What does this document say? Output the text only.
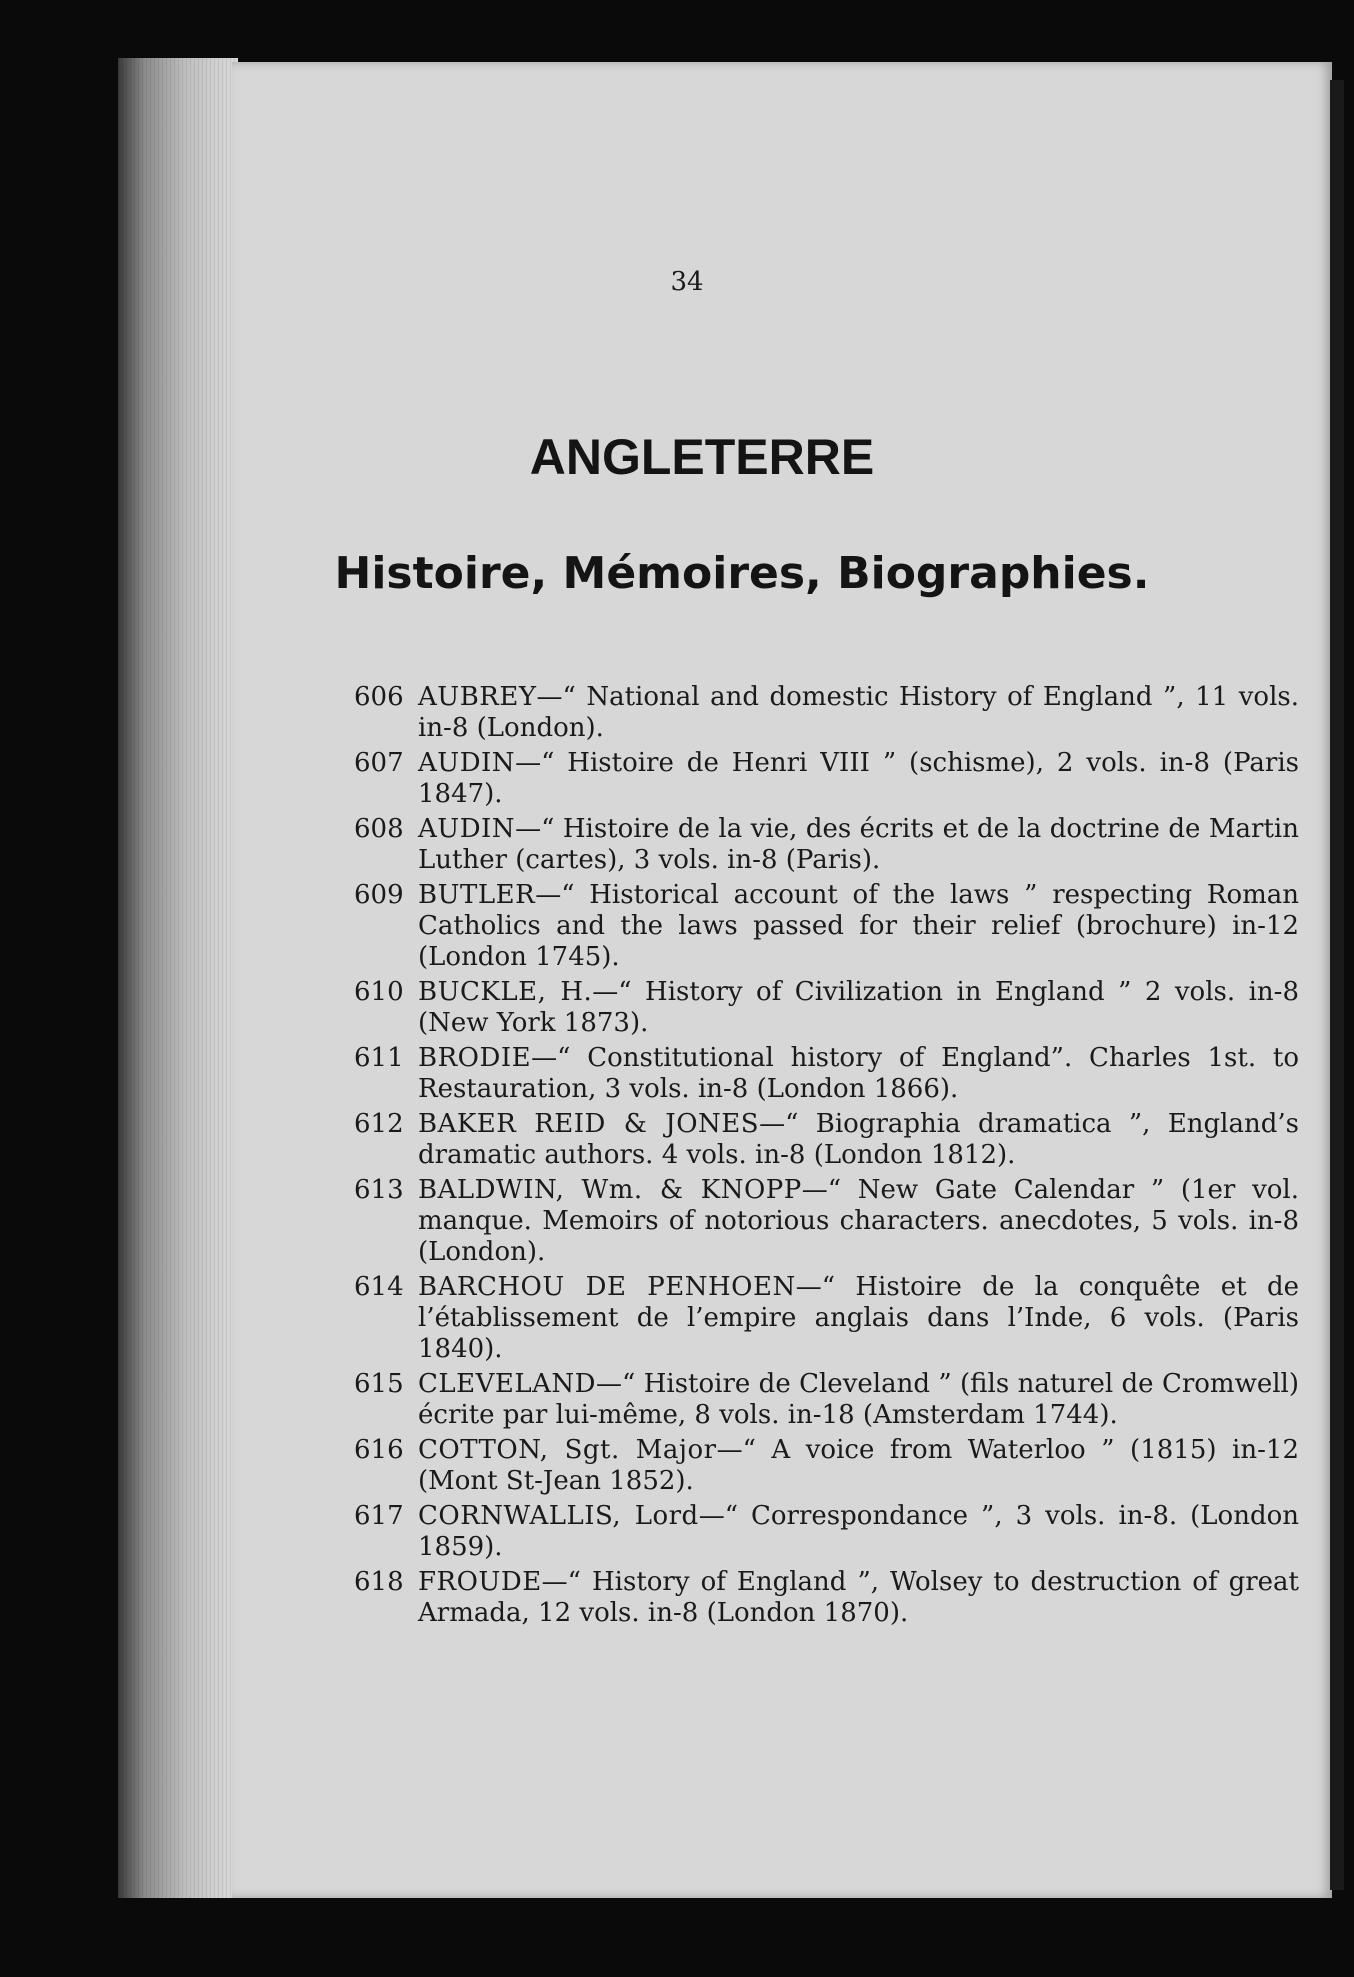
34
ANGLETERRE
Histoire, Mémoires, Biographies.
606 AUBREY—“ National and domestic History of England ”, 11 vols. in-8 (London).
607 AUDIN—“ Histoire de Henri VIII ” (schisme), 2 vols. in-8 (Paris 1847).
608 AUDIN—“ Histoire de la vie, des écrits et de la doctrine de Martin Luther (cartes), 3 vols. in-8 (Paris).
609 BUTLER—“ Historical account of the laws ” respecting Roman Catholics and the laws passed for their relief (brochure) in-12 (London 1745).
610 BUCKLE, H.—“ History of Civilization in England ” 2 vols. in-8 (New York 1873).
611 BRODIE—“ Constitutional history of England”. Charles 1st. to Restauration, 3 vols. in-8 (London 1866).
612 BAKER REID & JONES—“ Biographia dramatica ”, England’s dramatic authors. 4 vols. in-8 (London 1812).
613 BALDWIN, Wm. & KNOPP—“ New Gate Calendar ” (1er vol. manque. Memoirs of notorious characters. anecdotes, 5 vols. in-8 (London).
614 BARCHOU DE PENHOEN—“ Histoire de la conquête et de l’établissement de l’empire anglais dans l’Inde, 6 vols. (Paris 1840).
615 CLEVELAND—“ Histoire de Cleveland ” (fils naturel de Cromwell) écrite par lui-même, 8 vols. in-18 (Amsterdam 1744).
616 COTTON, Sgt. Major—“ A voice from Waterloo ” (1815) in-12 (Mont St-Jean 1852).
617 CORNWALLIS, Lord—“ Correspondance ”, 3 vols. in-8. (London 1859).
618 FROUDE—“ History of England ”, Wolsey to destruction of great Armada, 12 vols. in-8 (London 1870).
